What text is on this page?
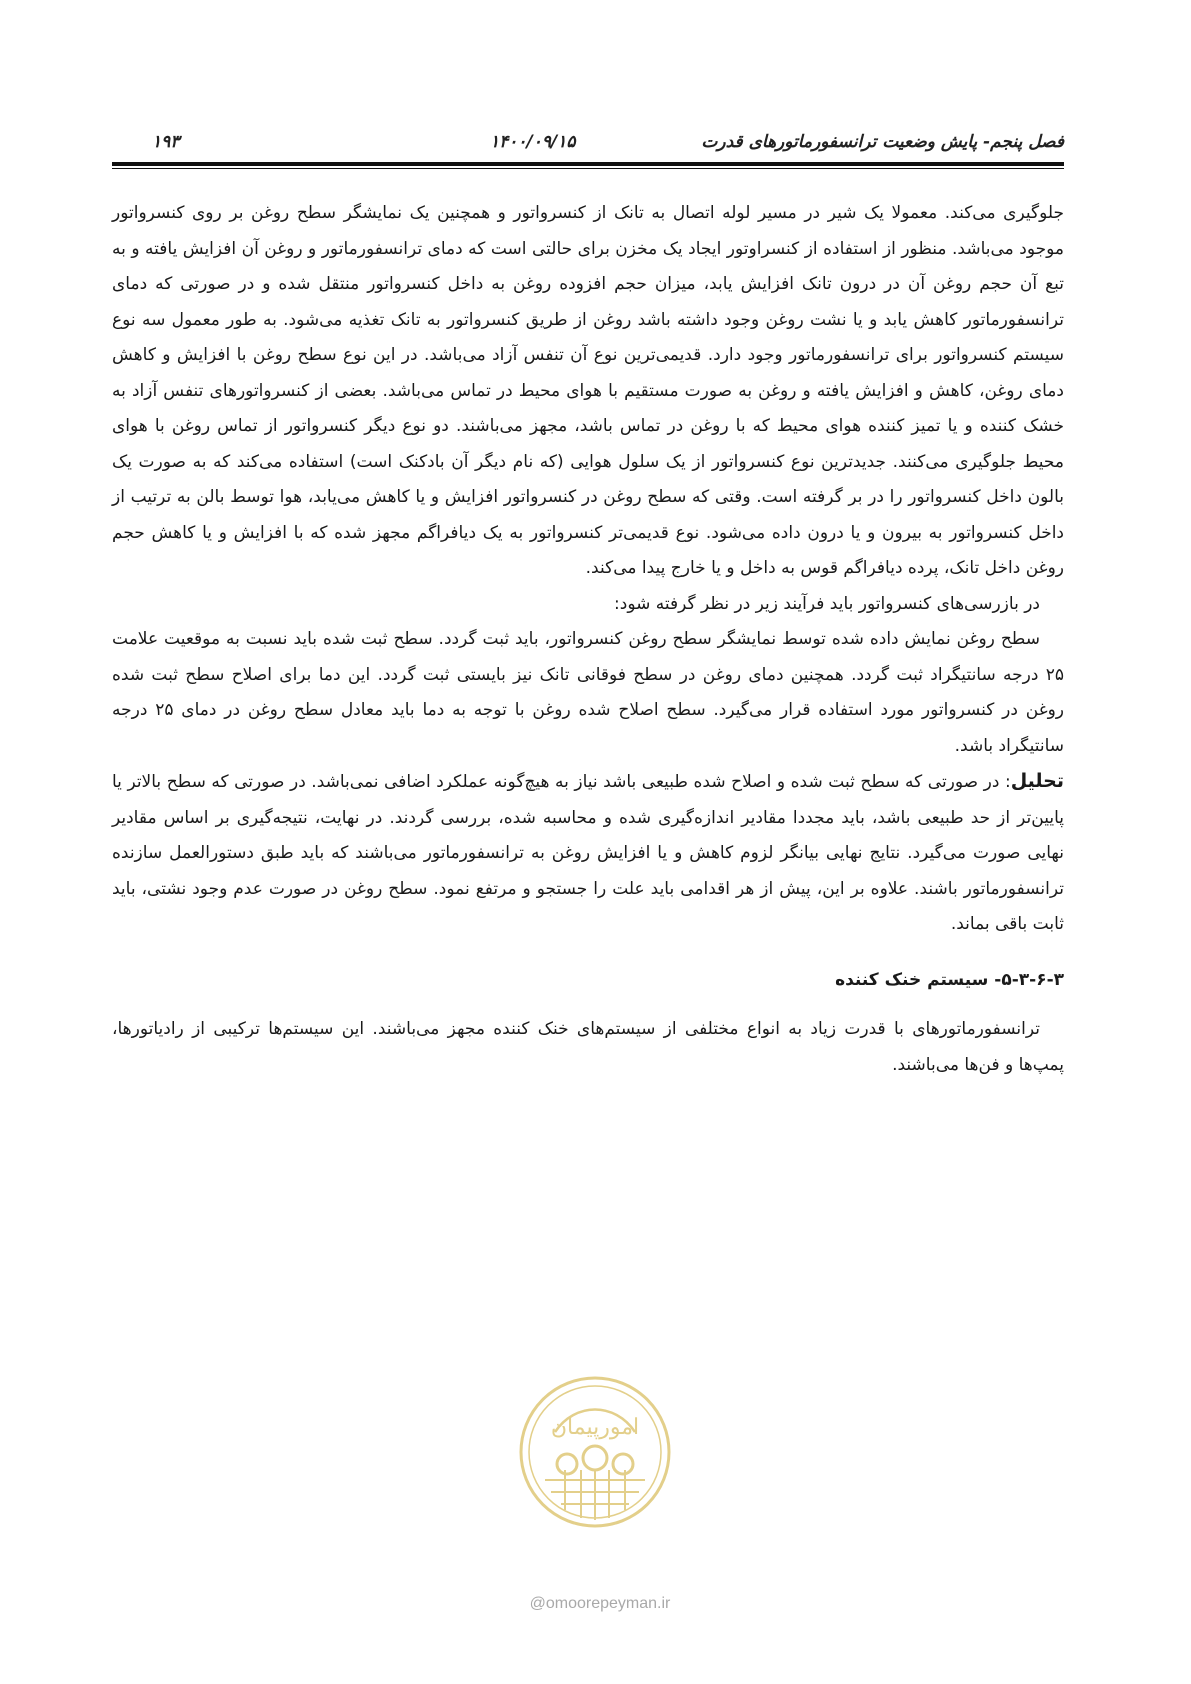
۱۹۳	۱۴۰۰/۰۹/۱۵	فصل پنجم- پایش وضعیت ترانسفورماتورهای قدرت

جلوگیری می‌کند. معمولا یک شیر در مسیر لوله اتصال به تانک از کنسرواتور و همچنین یک نمایشگر سطح روغن بر روی کنسرواتور موجود می‌باشد. منظور از استفاده از کنسراوتور ایجاد یک مخزن برای حالتی است که دمای ترانسفورماتور و روغن آن افزایش یافته و به تبع آن حجم روغن آن در درون تانک افزایش یابد، میزان حجم افزوده روغن به داخل کنسرواتور منتقل شده و در صورتی که دمای ترانسفورماتور کاهش یابد و یا نشت روغن وجود داشته باشد روغن از طریق کنسرواتور به تانک تغذیه می‌شود. به طور معمول سه نوع سیستم کنسرواتور برای ترانسفورماتور وجود دارد. قدیمی‌ترین نوع آن تنفس آزاد می‌باشد. در این نوع سطح روغن با افزایش و کاهش دمای روغن، کاهش و افزایش یافته و روغن به صورت مستقیم با هوای محیط در تماس می‌باشد. بعضی از کنسرواتورهای تنفس آزاد به خشک کننده و یا تمیز کننده هوای محیط که با روغن در تماس باشد، مجهز می‌باشند. دو نوع دیگر کنسرواتور از تماس روغن با هوای محیط جلوگیری می‌کنند. جدیدترین نوع کنسرواتور از یک سلول هوایی (که نام دیگر آن بادکنک است) استفاده می‌کند که به صورت یک بالون داخل کنسرواتور را در بر گرفته است. وقتی که سطح روغن در کنسرواتور افزایش و یا کاهش می‌یابد، هوا توسط بالن به ترتیب از داخل کنسرواتور به بیرون و یا درون داده می‌شود. نوع قدیمی‌تر کنسرواتور به یک دیافراگم مجهز شده که با افزایش و یا کاهش حجم روغن داخل تانک، پرده دیافراگم قوس به داخل و یا خارج پیدا می‌کند.

در بازرسی‌های کنسرواتور باید فرآیند زیر در نظر گرفته شود:

سطح روغن نمایش داده شده توسط نمایشگر سطح روغن کنسرواتور، باید ثبت گردد. سطح ثبت شده باید نسبت به موقعیت علامت ۲۵ درجه سانتیگراد ثبت گردد. همچنین دمای روغن در سطح فوقانی تانک نیز بایستی ثبت گردد. این دما برای اصلاح سطح ثبت شده روغن در کنسرواتور مورد استفاده قرار می‌گیرد. سطح اصلاح شده روغن با توجه به دما باید معادل سطح روغن در دمای ۲۵ درجه سانتیگراد باشد.

تحلیل: در صورتی که سطح ثبت شده و اصلاح شده طبیعی باشد نیاز به هیچ‌گونه عملکرد اضافی نمی‌باشد. در صورتی که سطح بالاتر یا پایین‌تر از حد طبیعی باشد، باید مجددا مقادیر اندازه‌گیری شده و محاسبه شده، بررسی گردند. در نهایت، نتیجه‌گیری بر اساس مقادیر نهایی صورت می‌گیرد. نتایج نهایی بیانگر لزوم کاهش و یا افزایش روغن به ترانسفورماتور می‌باشند که باید طبق دستورالعمل سازنده ترانسفورماتور باشند. علاوه بر این، پیش از هر اقدامی باید علت را جستجو و مرتفع نمود. سطح روغن در صورت عدم وجود نشتی، باید ثابت باقی بماند.

۵-۳-۶-۳- سیستم خنک کننده

ترانسفورماتورهای با قدرت زیاد به انواع مختلفی از سیستم‌های خنک کننده مجهز می‌باشند. این سیستم‌ها ترکیبی از رادیاتورها، پمپ‌ها و فن‌ها می‌باشند.

امورپیمان
@omoorepeyman.ir
